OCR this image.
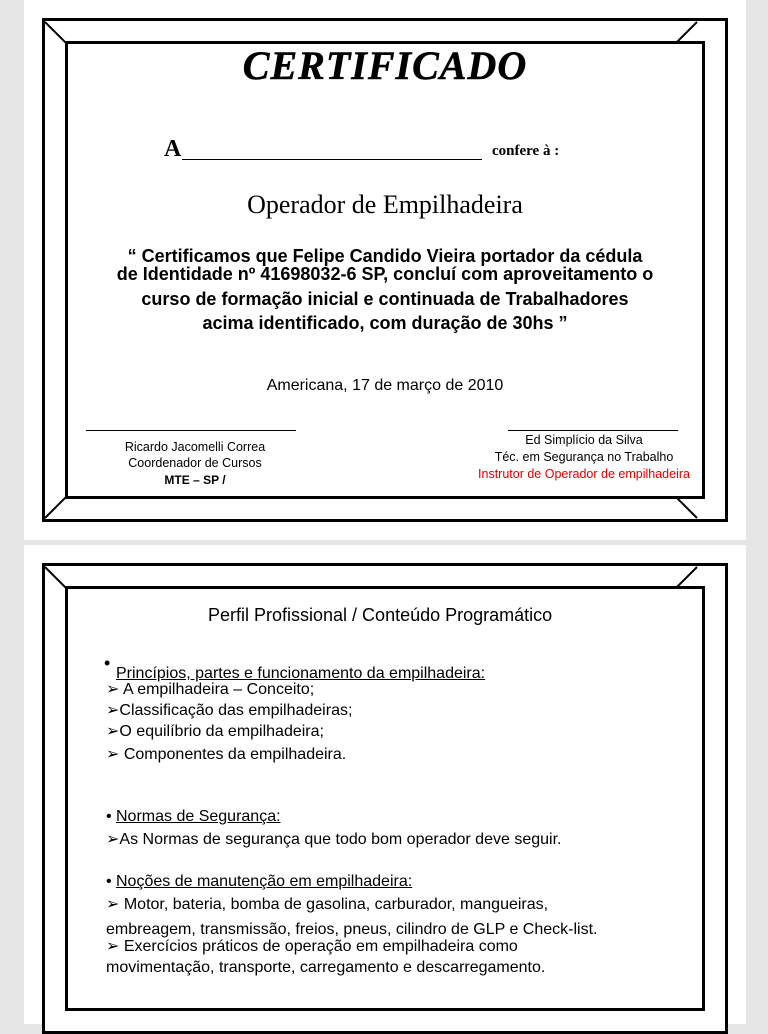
CERTIFICADO
A	confere à :
Operador de Empilhadeira
“ Certificamos que Felipe Candido Vieira portador da cédula
de Identidade nº 41698032-6 SP, concluí com aproveitamento o
curso de formação inicial e continuada de Trabalhadores
acima identificado, com duração de 30hs ”
Americana, 17 de março de 2010
Ricardo Jacomelli Correa
Coordenador de Cursos
MTE – SP /
Ed Simplício da Silva
Téc. em Segurança no Trabalho
Instrutor de Operador de empilhadeira
Perfil Profissional / Conteúdo Programático
•
Princípios, partes e funcionamento da empilhadeira:
➢ A empilhadeira – Conceito;
➢Classificação das empilhadeiras;
➢O equilíbrio da empilhadeira;
➢ Componentes da empilhadeira.
• Normas de Segurança:
➢As Normas de segurança que todo bom operador deve seguir.
• Noções de manutenção em empilhadeira:
➢ Motor, bateria, bomba de gasolina, carburador, mangueiras,
embreagem, transmissão, freios, pneus, cilindro de GLP e Check-list.
➢ Exercícios práticos de operação em empilhadeira como
movimentação, transporte, carregamento e descarregamento.
